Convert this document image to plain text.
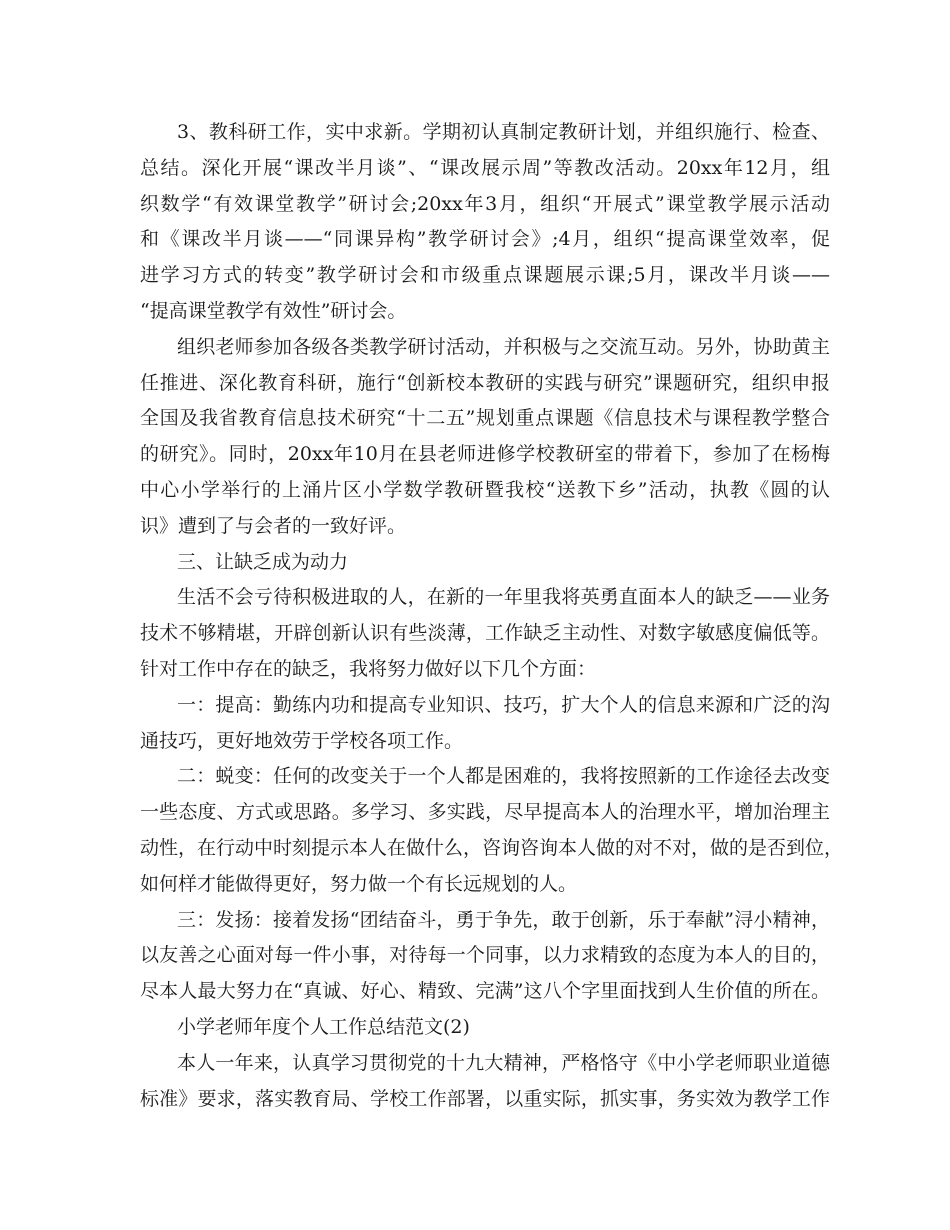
3、教科研工作，实中求新。学期初认真制定教研计划，并组织施行、检查、
总结。深化开展“课改半月谈”、“课改展示周”等教改活动。20xx年12月，组
织数学“有效课堂教学”研讨会;20xx年3月，组织“开展式”课堂教学展示活动
和《课改半月谈——“同课异构”教学研讨会》;4月，组织“提高课堂效率，促
进学习方式的转变”教学研讨会和市级重点课题展示课;5月，课改半月谈——
“提高课堂教学有效性”研讨会。
组织老师参加各级各类教学研讨活动，并积极与之交流互动。另外，协助黄主
任推进、深化教育科研，施行“创新校本教研的实践与研究”课题研究，组织申报
全国及我省教育信息技术研究“十二五”规划重点课题《信息技术与课程教学整合
的研究》。同时，20xx年10月在县老师进修学校教研室的带着下，参加了在杨梅
中心小学举行的上涌片区小学数学教研暨我校“送教下乡”活动，执教《圆的认
识》遭到了与会者的一致好评。
三、让缺乏成为动力
生活不会亏待积极进取的人，在新的一年里我将英勇直面本人的缺乏——业务
技术不够精堪，开辟创新认识有些淡薄，工作缺乏主动性、对数字敏感度偏低等。
针对工作中存在的缺乏，我将努力做好以下几个方面：
一：提高：勤练内功和提高专业知识、技巧，扩大个人的信息来源和广泛的沟
通技巧，更好地效劳于学校各项工作。
二：蜕变：任何的改变关于一个人都是困难的，我将按照新的工作途径去改变
一些态度、方式或思路。多学习、多实践，尽早提高本人的治理水平，增加治理主
动性，在行动中时刻提示本人在做什么，咨询咨询本人做的对不对，做的是否到位，
如何样才能做得更好，努力做一个有长远规划的人。
三：发扬：接着发扬“团结奋斗，勇于争先，敢于创新，乐于奉献”浔小精神，
以友善之心面对每一件小事，对待每一个同事，以力求精致的态度为本人的目的，
尽本人最大努力在“真诚、好心、精致、完满”这八个字里面找到人生价值的所在。
小学老师年度个人工作总结范文(2)
本人一年来，认真学习贯彻党的十九大精神，严格恪守《中小学老师职业道德
标准》要求，落实教育局、学校工作部署，以重实际，抓实事，务实效为教学工作
